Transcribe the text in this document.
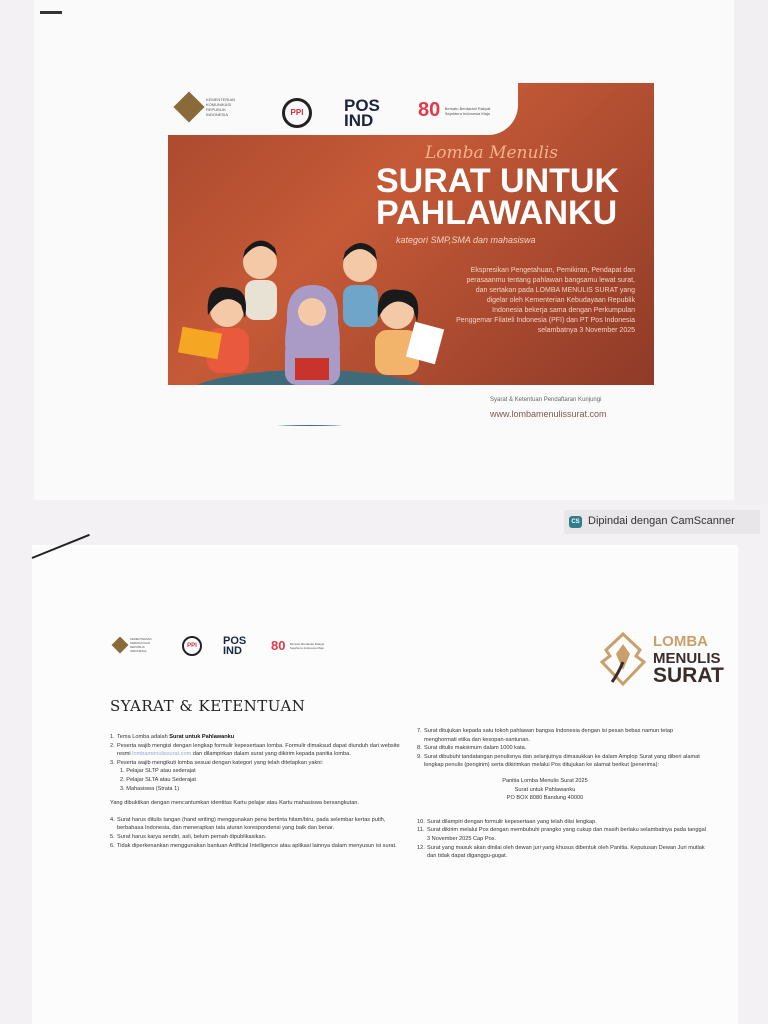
KEMENTERIAN KOMUNIKASI REPUBLIK INDONESIA	PPI	POS
IND	80 Bersatu Berdaulat Rakyat Sejahtera Indonesia Maju
Lomba Menulis
SURAT UNTUK
PAHLAWANKU
kategori SMP,SMA dan mahasiswa
Ekspresikan Pengetahuan, Pemikiran, Pendapat dan perasaanmu tentang pahlawan bangsamu lewat surat, dan sertakan pada LOMBA MENULIS SURAT yang digelar oleh Kementerian Kebudayaan Republik Indonesia bekerja sama dengan Perkumpulan Penggemar Filateli Indonesia (PFI) dan PT Pos Indonesia selambatnya 3 November 2025
Syarat & Ketentuan Pendaftaran Kunjungi
www.lombamenulissurat.com
CS Dipindai dengan CamScanner
KEMENTERIAN KEBUDAYAAN REPUBLIK INDONESIA
PPI	POS
IND	80 Bersatu Berdaulat Rakyat Sejahtera Indonesia Maju	LOMBA
MENULIS
SURAT
SYARAT & KETENTUAN
1. Tema Lomba adalah Surat untuk Pahlawanku
2. Peserta wajib mengisi dengan lengkap formulir kepesertaan lomba. Formulir dimaksud dapat diunduh dari website resmi lombamenulissurat.com dan dilampirkan dalam surat yang dikirim kepada panitia lomba.
3. Peserta wajib mengikuti lomba sesuai dengan kategori yang telah ditetapkan yakni:
1. Pelajar SLTP atau sederajat
2. Pelajar SLTA atau Sederajat
3. Mahasiswa (Strata 1)
Yang dibuktikan dengan mencantumkan identitas Kartu pelajar atau Kartu mahasiswa bersangkutan.
4. Surat harus ditulis tangan (hand writing) menggunakan pena bertinta hitam/biru, pada selembar kertas putih, berbahasa Indonesia, dan menerapkan tata aturan korespondensi yang baik dan benar.
5. Surat harus karya sendiri, asli, belum pernah dipublikasikan.
6. Tidak diperkenankan menggunakan bantuan Artificial Intelligence atau aplikasi lainnya dalam menyusun isi surat.
7. Surat ditujukan kepada satu tokoh pahlawan bangsa Indonesia dengan isi pesan bebas namun tetap menghormati etika dan kesopan-santunan.
8. Surat ditulis maksimum dalam 1000 kata.
9. Surat dibubuhi tandatangan penulisnya dan selanjutnya dimasukkan ke dalam Amplop Surat yang diberi alamat lengkap penulis (pengirim) serta dikirimkan melalui Pos ditujukan ke alamat berikut (penerima):
Panitia Lomba Menulis Surat 2025
Surat untuk Pahlawanku
PO BOX 8080 Bandung 40000
10. Surat dilampiri dengan formulir kepesertaan yang telah diisi lengkap.
11. Surat dikirim melalui Pos dengan membubuhi prangko yang cukup dan masih berlaku selambatnya pada tanggal 3 November 2025 Cap Pos.
12. Surat yang masuk akan dinilai oleh dewan juri yang khusus dibentuk oleh Panitia. Keputusan Dewan Juri mutlak dan tidak dapat diganggu-gugat.
